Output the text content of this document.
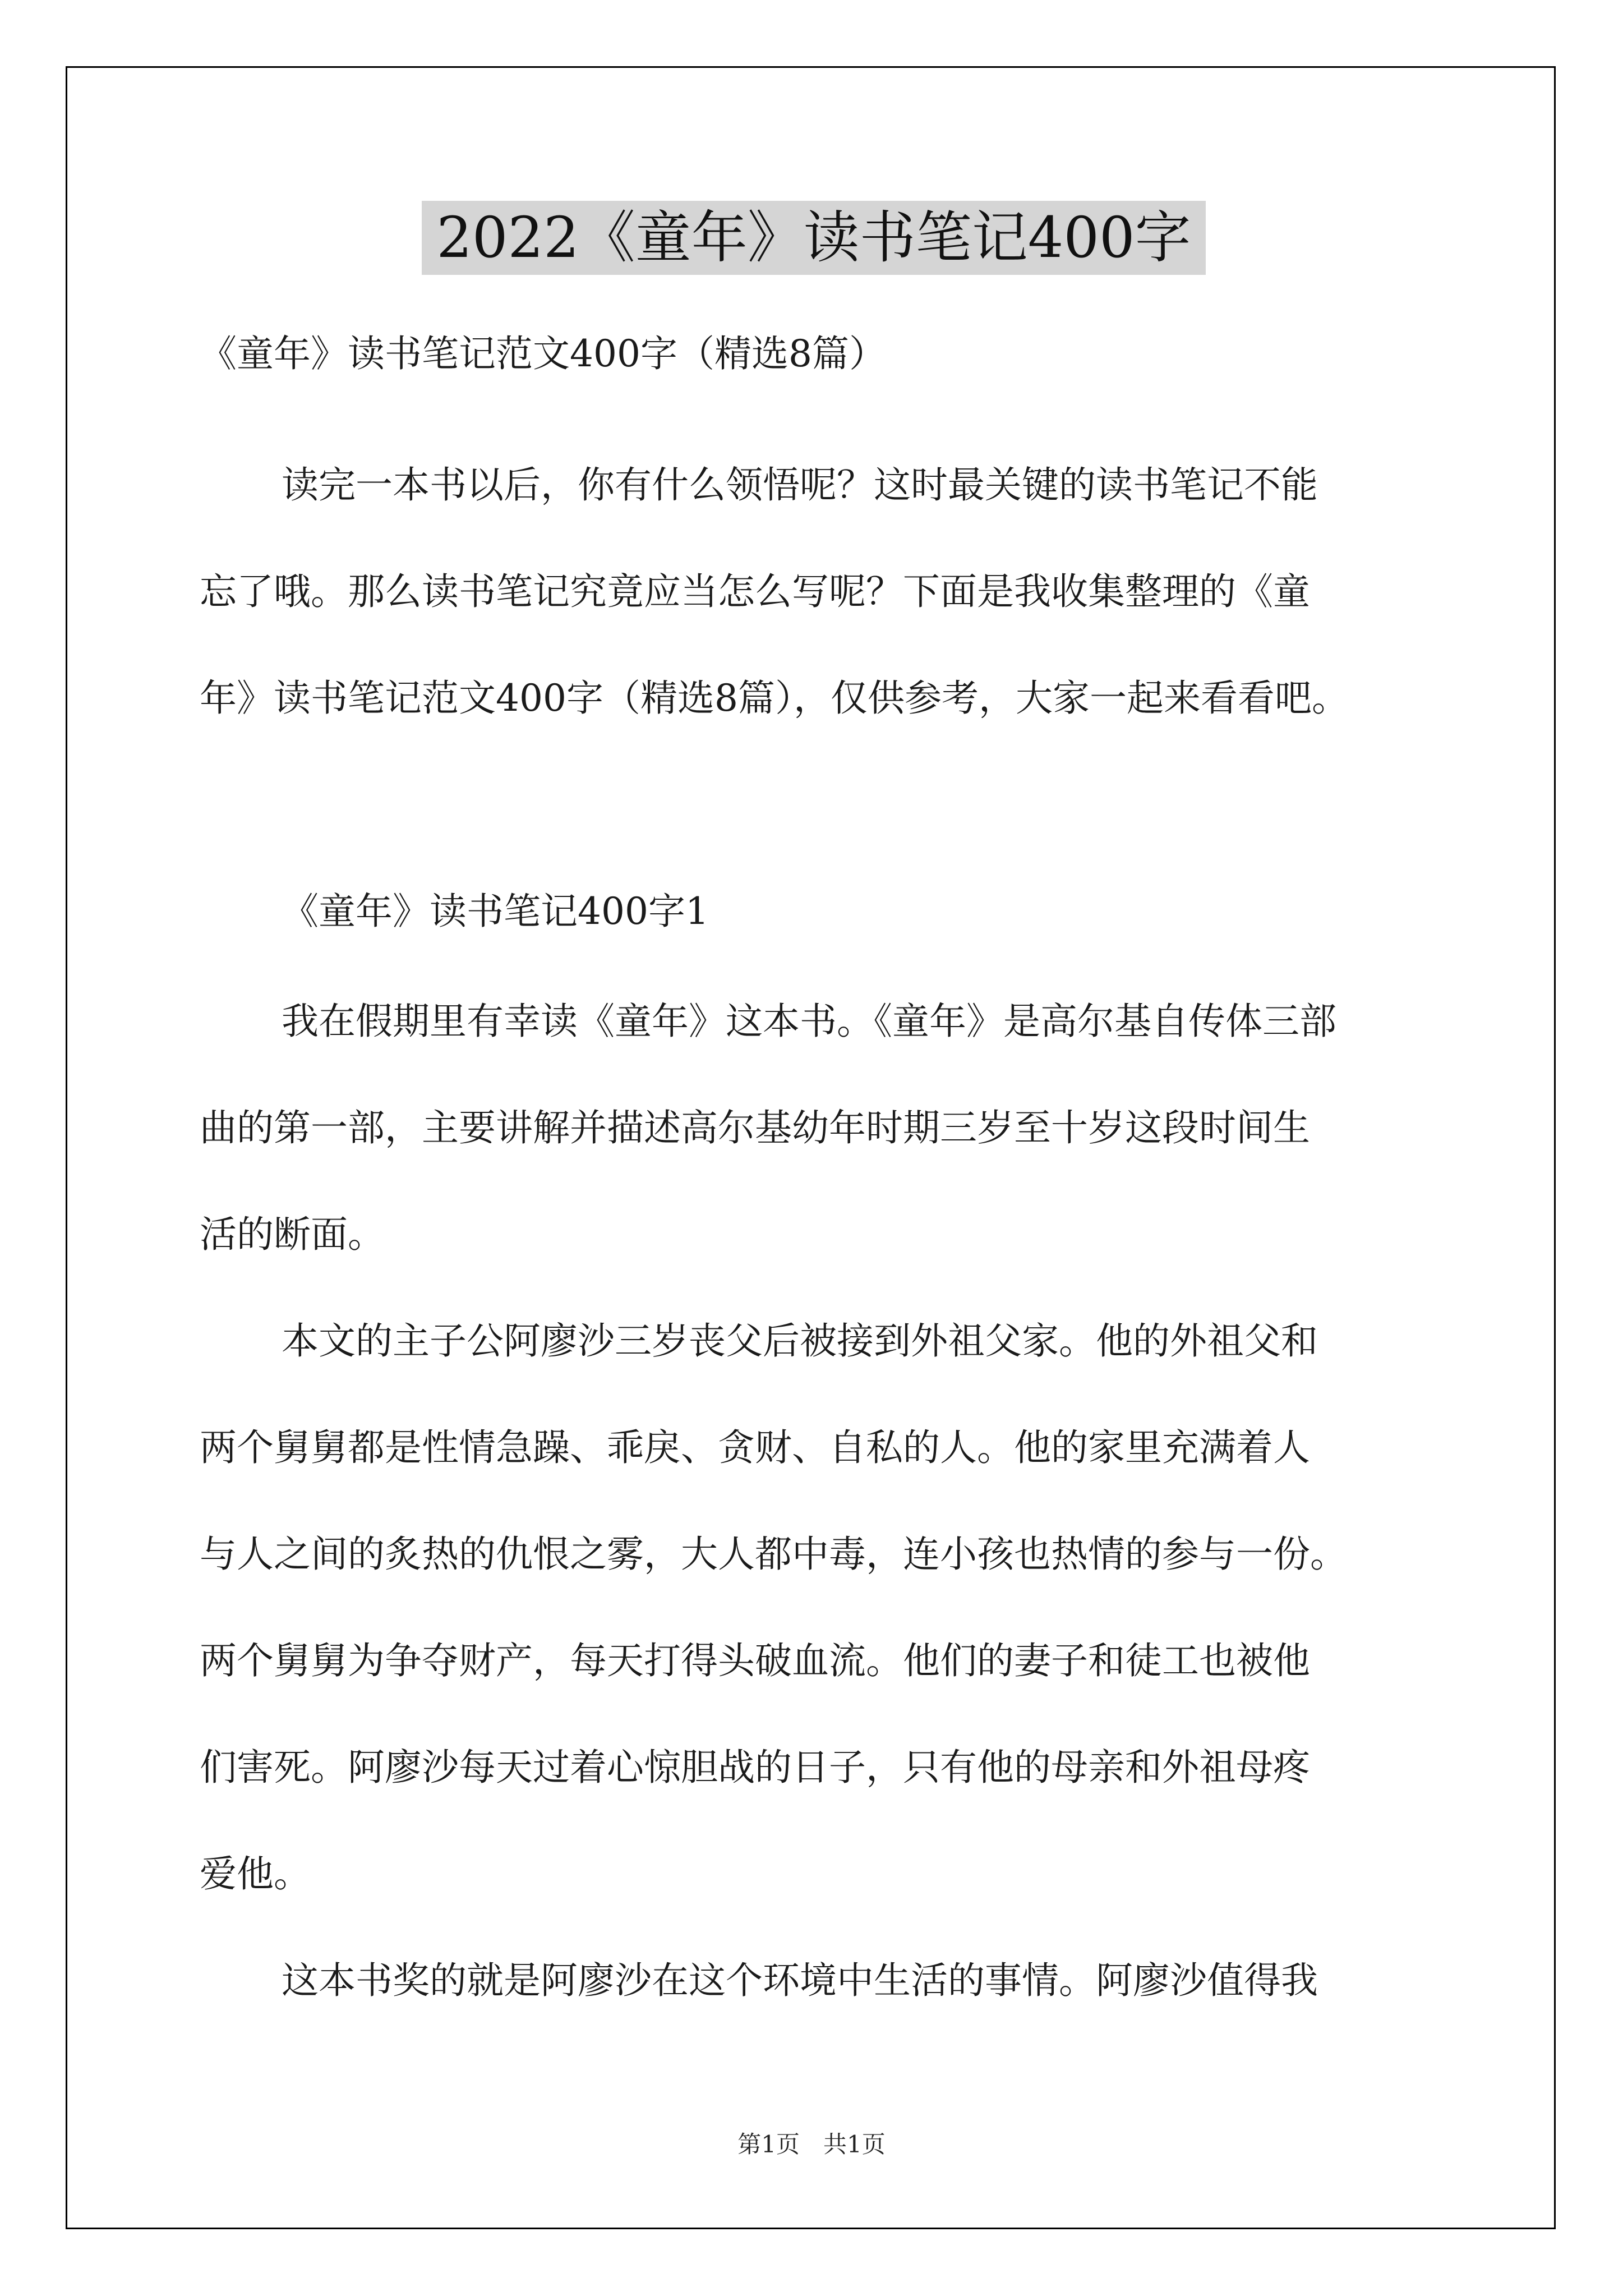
2022《童年》读书笔记400字
《童年》读书笔记范文400字（精选8篇）
读完一本书以后，你有什么领悟呢？这时最关键的读书笔记不能
忘了哦。那么读书笔记究竟应当怎么写呢？下面是我收集整理的《童
年》读书笔记范文400字（精选8篇），仅供参考，大家一起来看看吧。
《童年》读书笔记400字1
我在假期里有幸读《童年》这本书。《童年》是高尔基自传体三部
曲的第一部，主要讲解并描述高尔基幼年时期三岁至十岁这段时间生
活的断面。
本文的主子公阿廖沙三岁丧父后被接到外祖父家。他的外祖父和
两个舅舅都是性情急躁、乖戾、贪财、自私的人。他的家里充满着人
与人之间的炙热的仇恨之雾，大人都中毒，连小孩也热情的参与一份。
两个舅舅为争夺财产，每天打得头破血流。他们的妻子和徒工也被他
们害死。阿廖沙每天过着心惊胆战的日子，只有他的母亲和外祖母疼
爱他。
这本书奖的就是阿廖沙在这个环境中生活的事情。阿廖沙值得我
第1页　共1页
